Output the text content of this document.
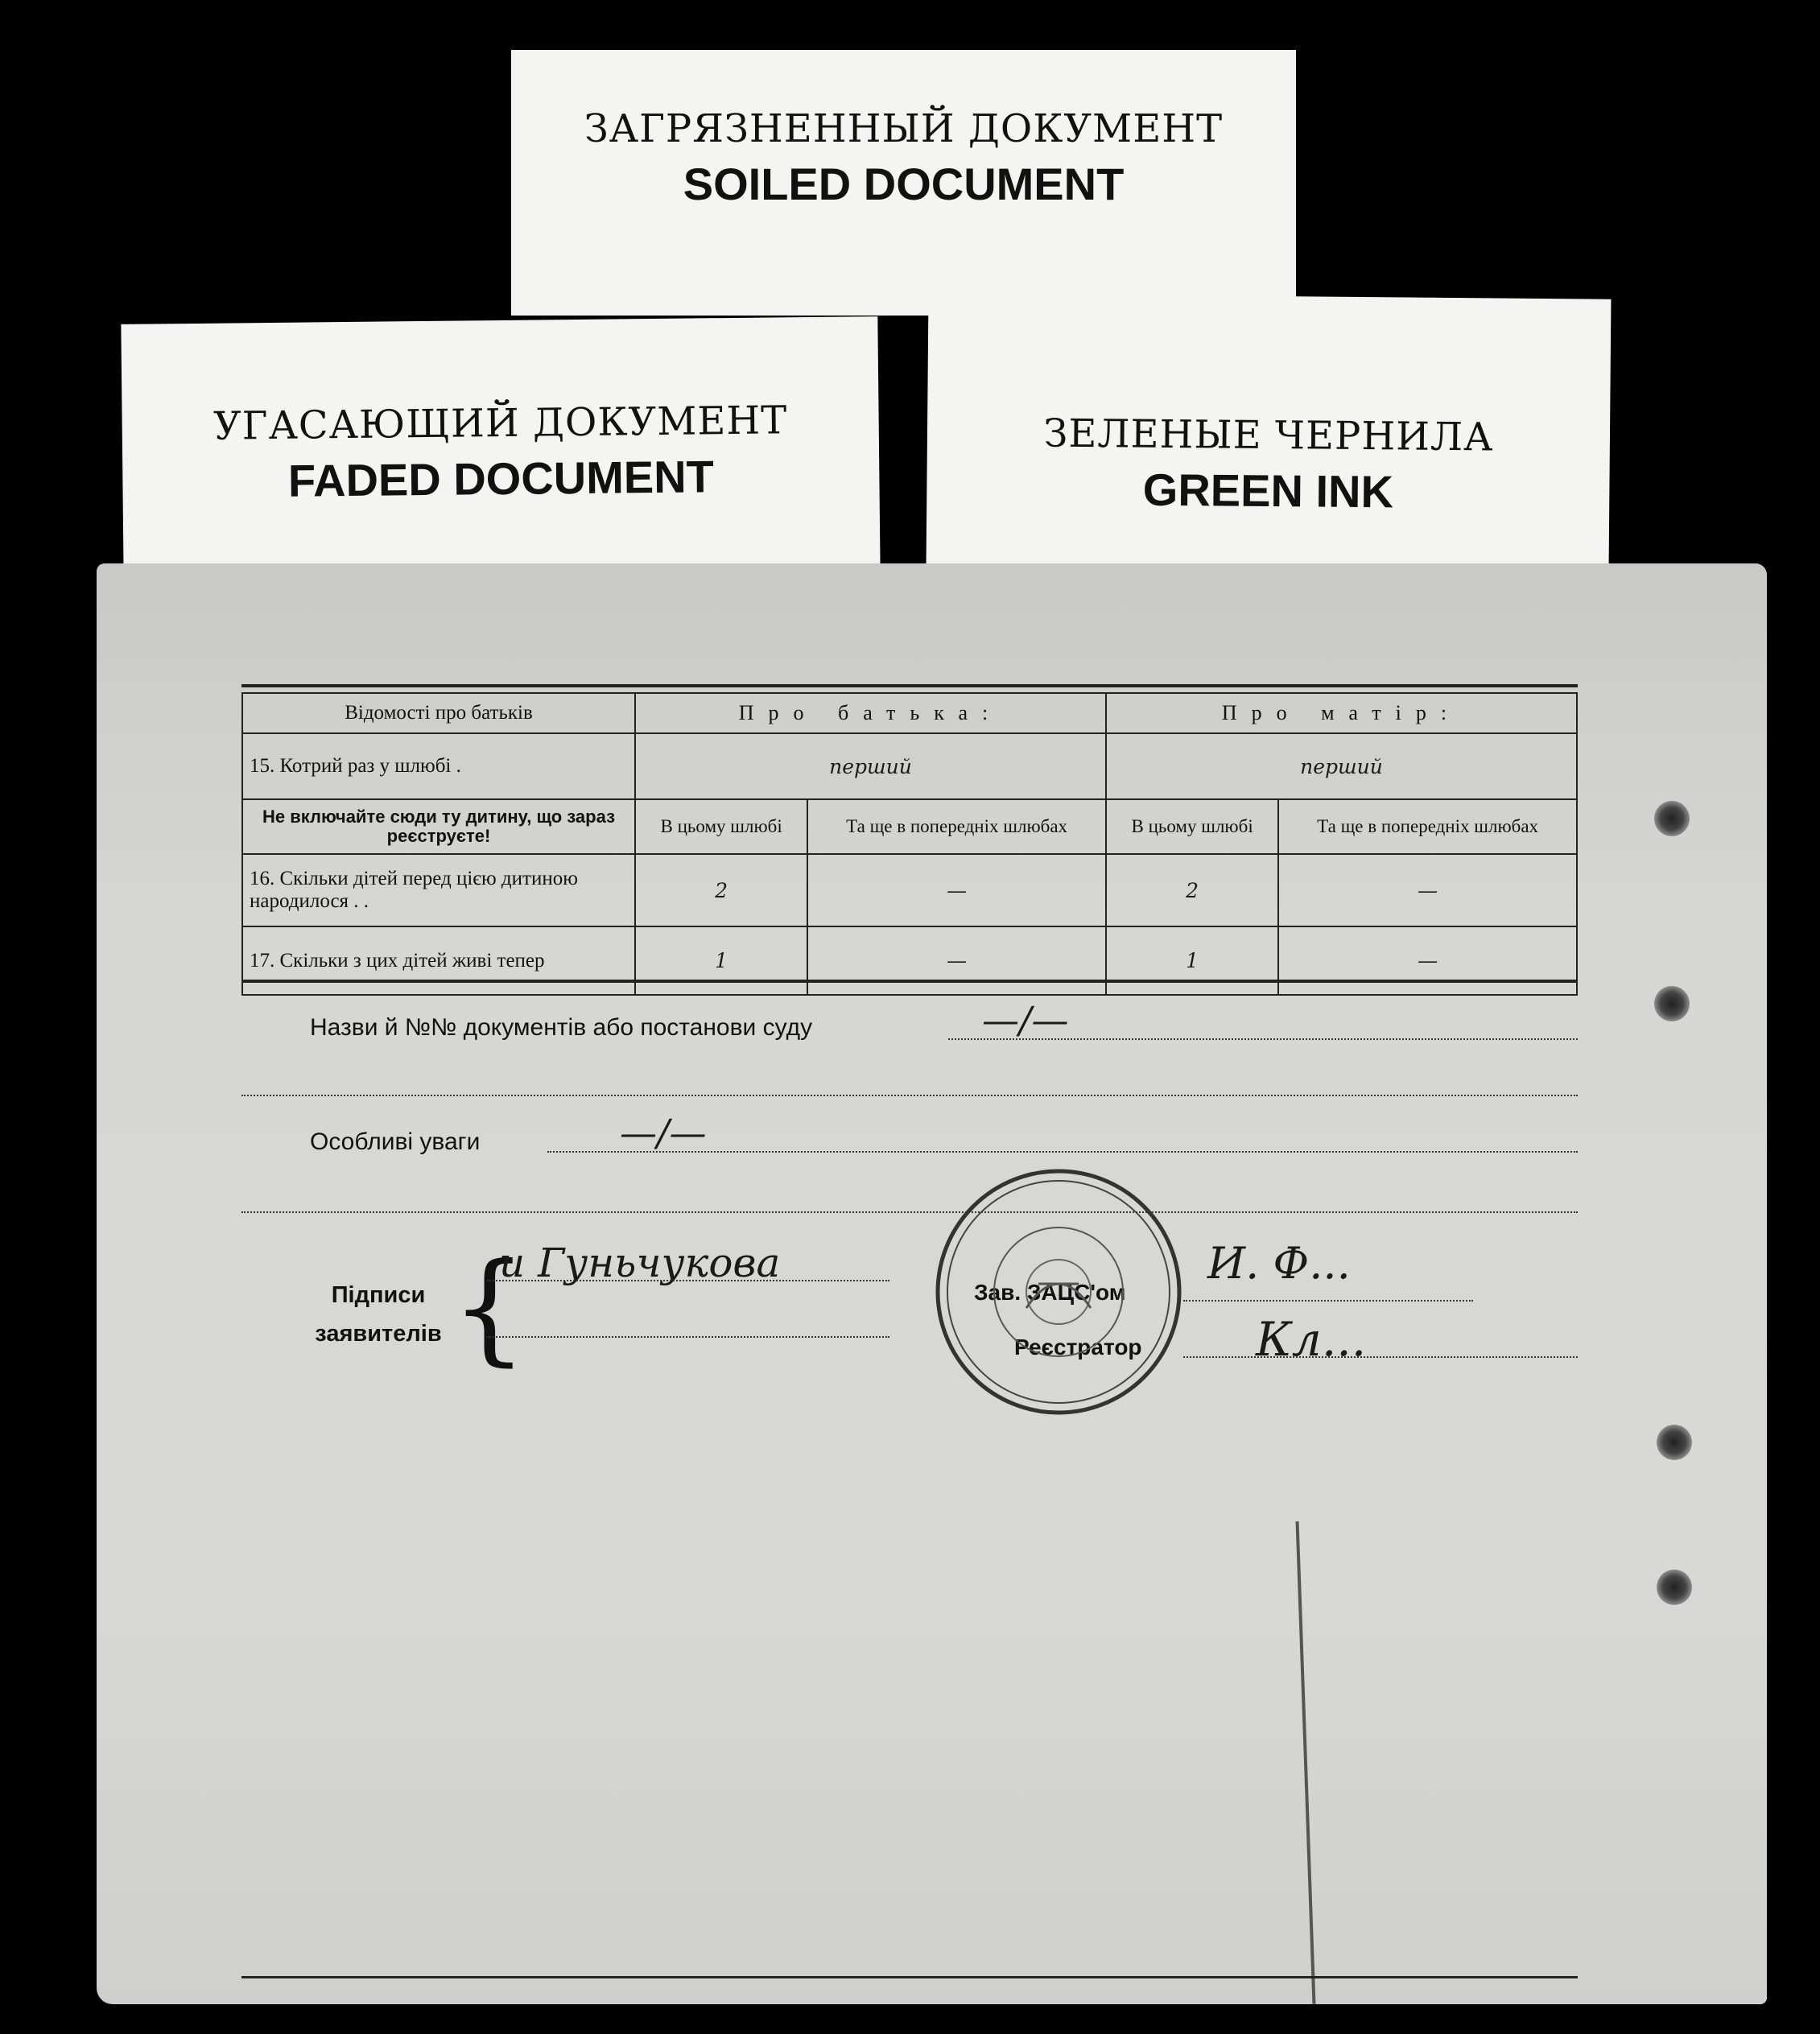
ЗАГРЯЗНЕННЫЙ ДОКУМЕНТ
SOILED DOCUMENT
УГАСАЮЩИЙ ДОКУМЕНТ
FADED DOCUMENT
ЗЕЛЕНЫЕ ЧЕРНИЛА
GREEN INK
Відомості про батьків	Про батька:		Про матір:	
15. Котрий раз у шлюбі .	перший		перший	
Не включайте сюди ту дитину, що зараз реєструєте!	В цьому шлюбі	Та ще в попередніх шлюбах	В цьому шлюбі	Та ще в попередніх шлюбах
16. Скільки дітей перед цією дитиною народилося . .	2	—	2	—
17. Скільки з цих дітей живі тепер	1	—	1	—
Назви й №№ документів або постанови суду	—/—
Особливі уваги	—/—
Підписи заявителів {
и Гуньчукова
Зав. ЗАЦС'ом
И. Ф...
Реєстратор Кл...
